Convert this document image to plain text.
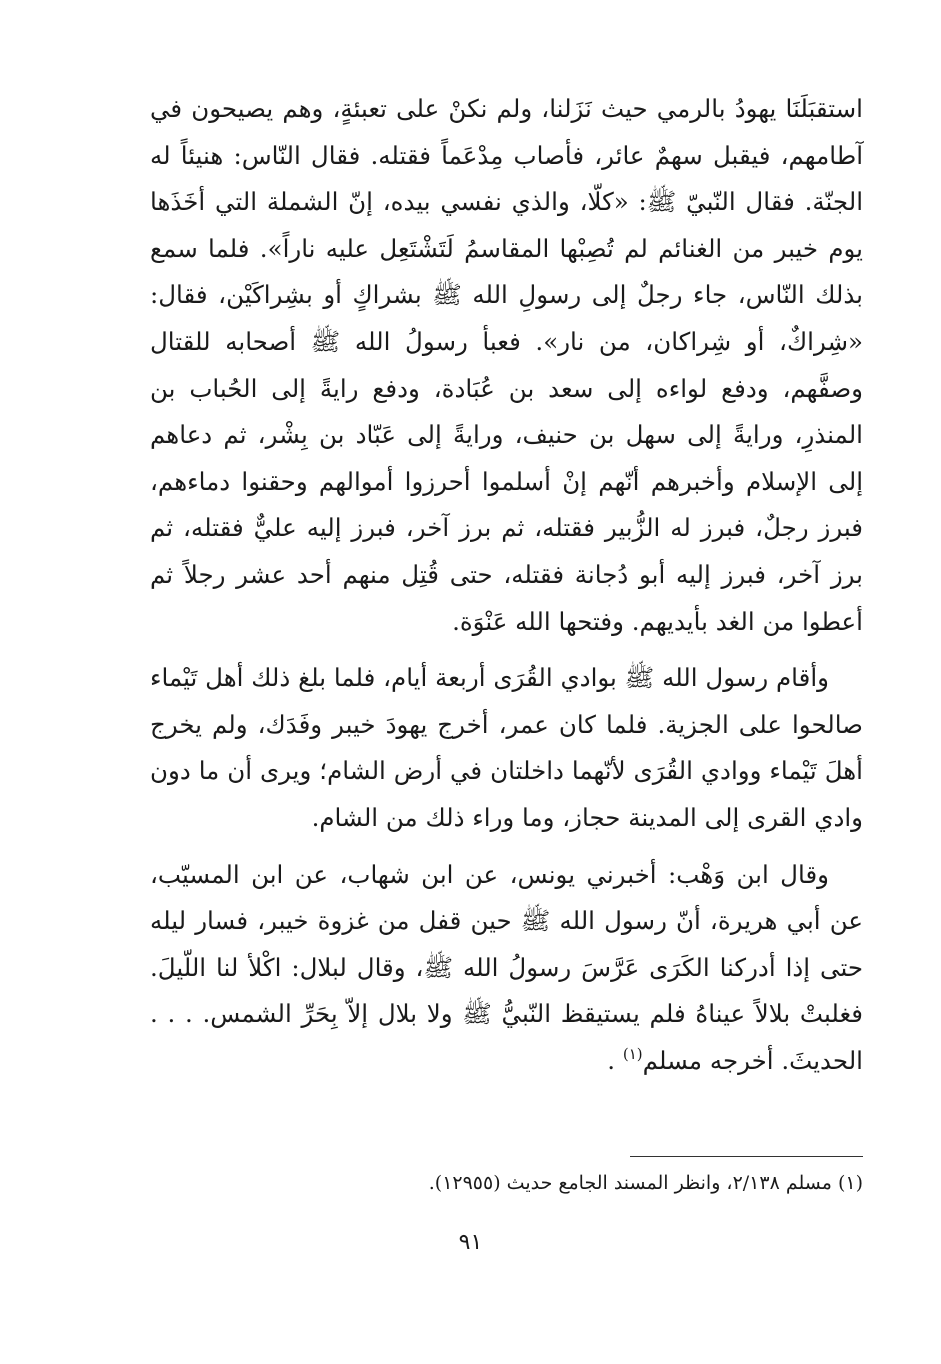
استقبَلَنَا يهودُ بالرمي حيث نَزَلنا، ولم نكنْ على تعبئةٍ، وهم يصيحون في آطامهم، فيقبل سهمٌ عائر، فأصاب مِدْعَماً فقتله. فقال النّاس: هنيئاً له الجنّة. فقال النّبيّ ﷺ: «كلّا، والذي نفسي بيده، إنّ الشملة التي أخَذَها يوم خيبر من الغنائم لم تُصِبْها المقاسمُ لَتَشْتَعِل عليه ناراً». فلما سمع بذلك النّاس، جاء رجلٌ إلى رسولِ الله ﷺ بشراكٍ أو بشِراكَيْن، فقال: «شِراكٌ، أو شِراكان، من نار». فعبأ رسولُ الله ﷺ أصحابه للقتال وصفَّهم، ودفع لواءه إلى سعد بن عُبَادة، ودفع رايةً إلى الحُباب بن المنذرِ، ورايةً إلى سهل بن حنيف، ورايةً إلى عَبّاد بن بِشْر، ثم دعاهم إلى الإسلام وأخبرهم أنّهم إنْ أسلموا أحرزوا أموالهم وحقنوا دماءهم، فبرز رجلٌ، فبرز له الزُّبير فقتله، ثم برز آخر، فبرز إليه عليٌّ فقتله، ثم برز آخر، فبرز إليه أبو دُجانة فقتله، حتى قُتِل منهم أحد عشر رجلاً ثم أعطوا من الغد بأيديهم. وفتحها الله عَنْوَة.

وأقام رسول الله ﷺ بوادي القُرَى أربعة أيام، فلما بلغ ذلك أهل تَيْماء صالحوا على الجزية. فلما كان عمر، أخرج يهودَ خيبر وفَدَك، ولم يخرج أهلَ تَيْماء ووادي القُرَى لأنّهما داخلتان في أرض الشام؛ ويرى أن ما دون وادي القرى إلى المدينة حجاز، وما وراء ذلك من الشام.

وقال ابن وَهْب: أخبرني يونس، عن ابن شهاب، عن ابن المسيّب، عن أبي هريرة، أنّ رسول الله ﷺ حين قفل من غزوة خيبر، فسار ليله حتى إذا أدركنا الكَرَى عَرَّسَ رسولُ الله ﷺ، وقال لبلال: اكْلأ لنا اللّيلَ. فغلبتْ بلالاً عيناهُ فلم يستيقظ النّبيُّ ﷺ ولا بلال إلاّ بِحَرِّ الشمس. . . . الحديثَ. أخرجه مسلم$^{(١)}$ .

(١) مسلم ٢/١٣٨، وانظر المسند الجامع حديث (١٢٩٥٥).
٩١
